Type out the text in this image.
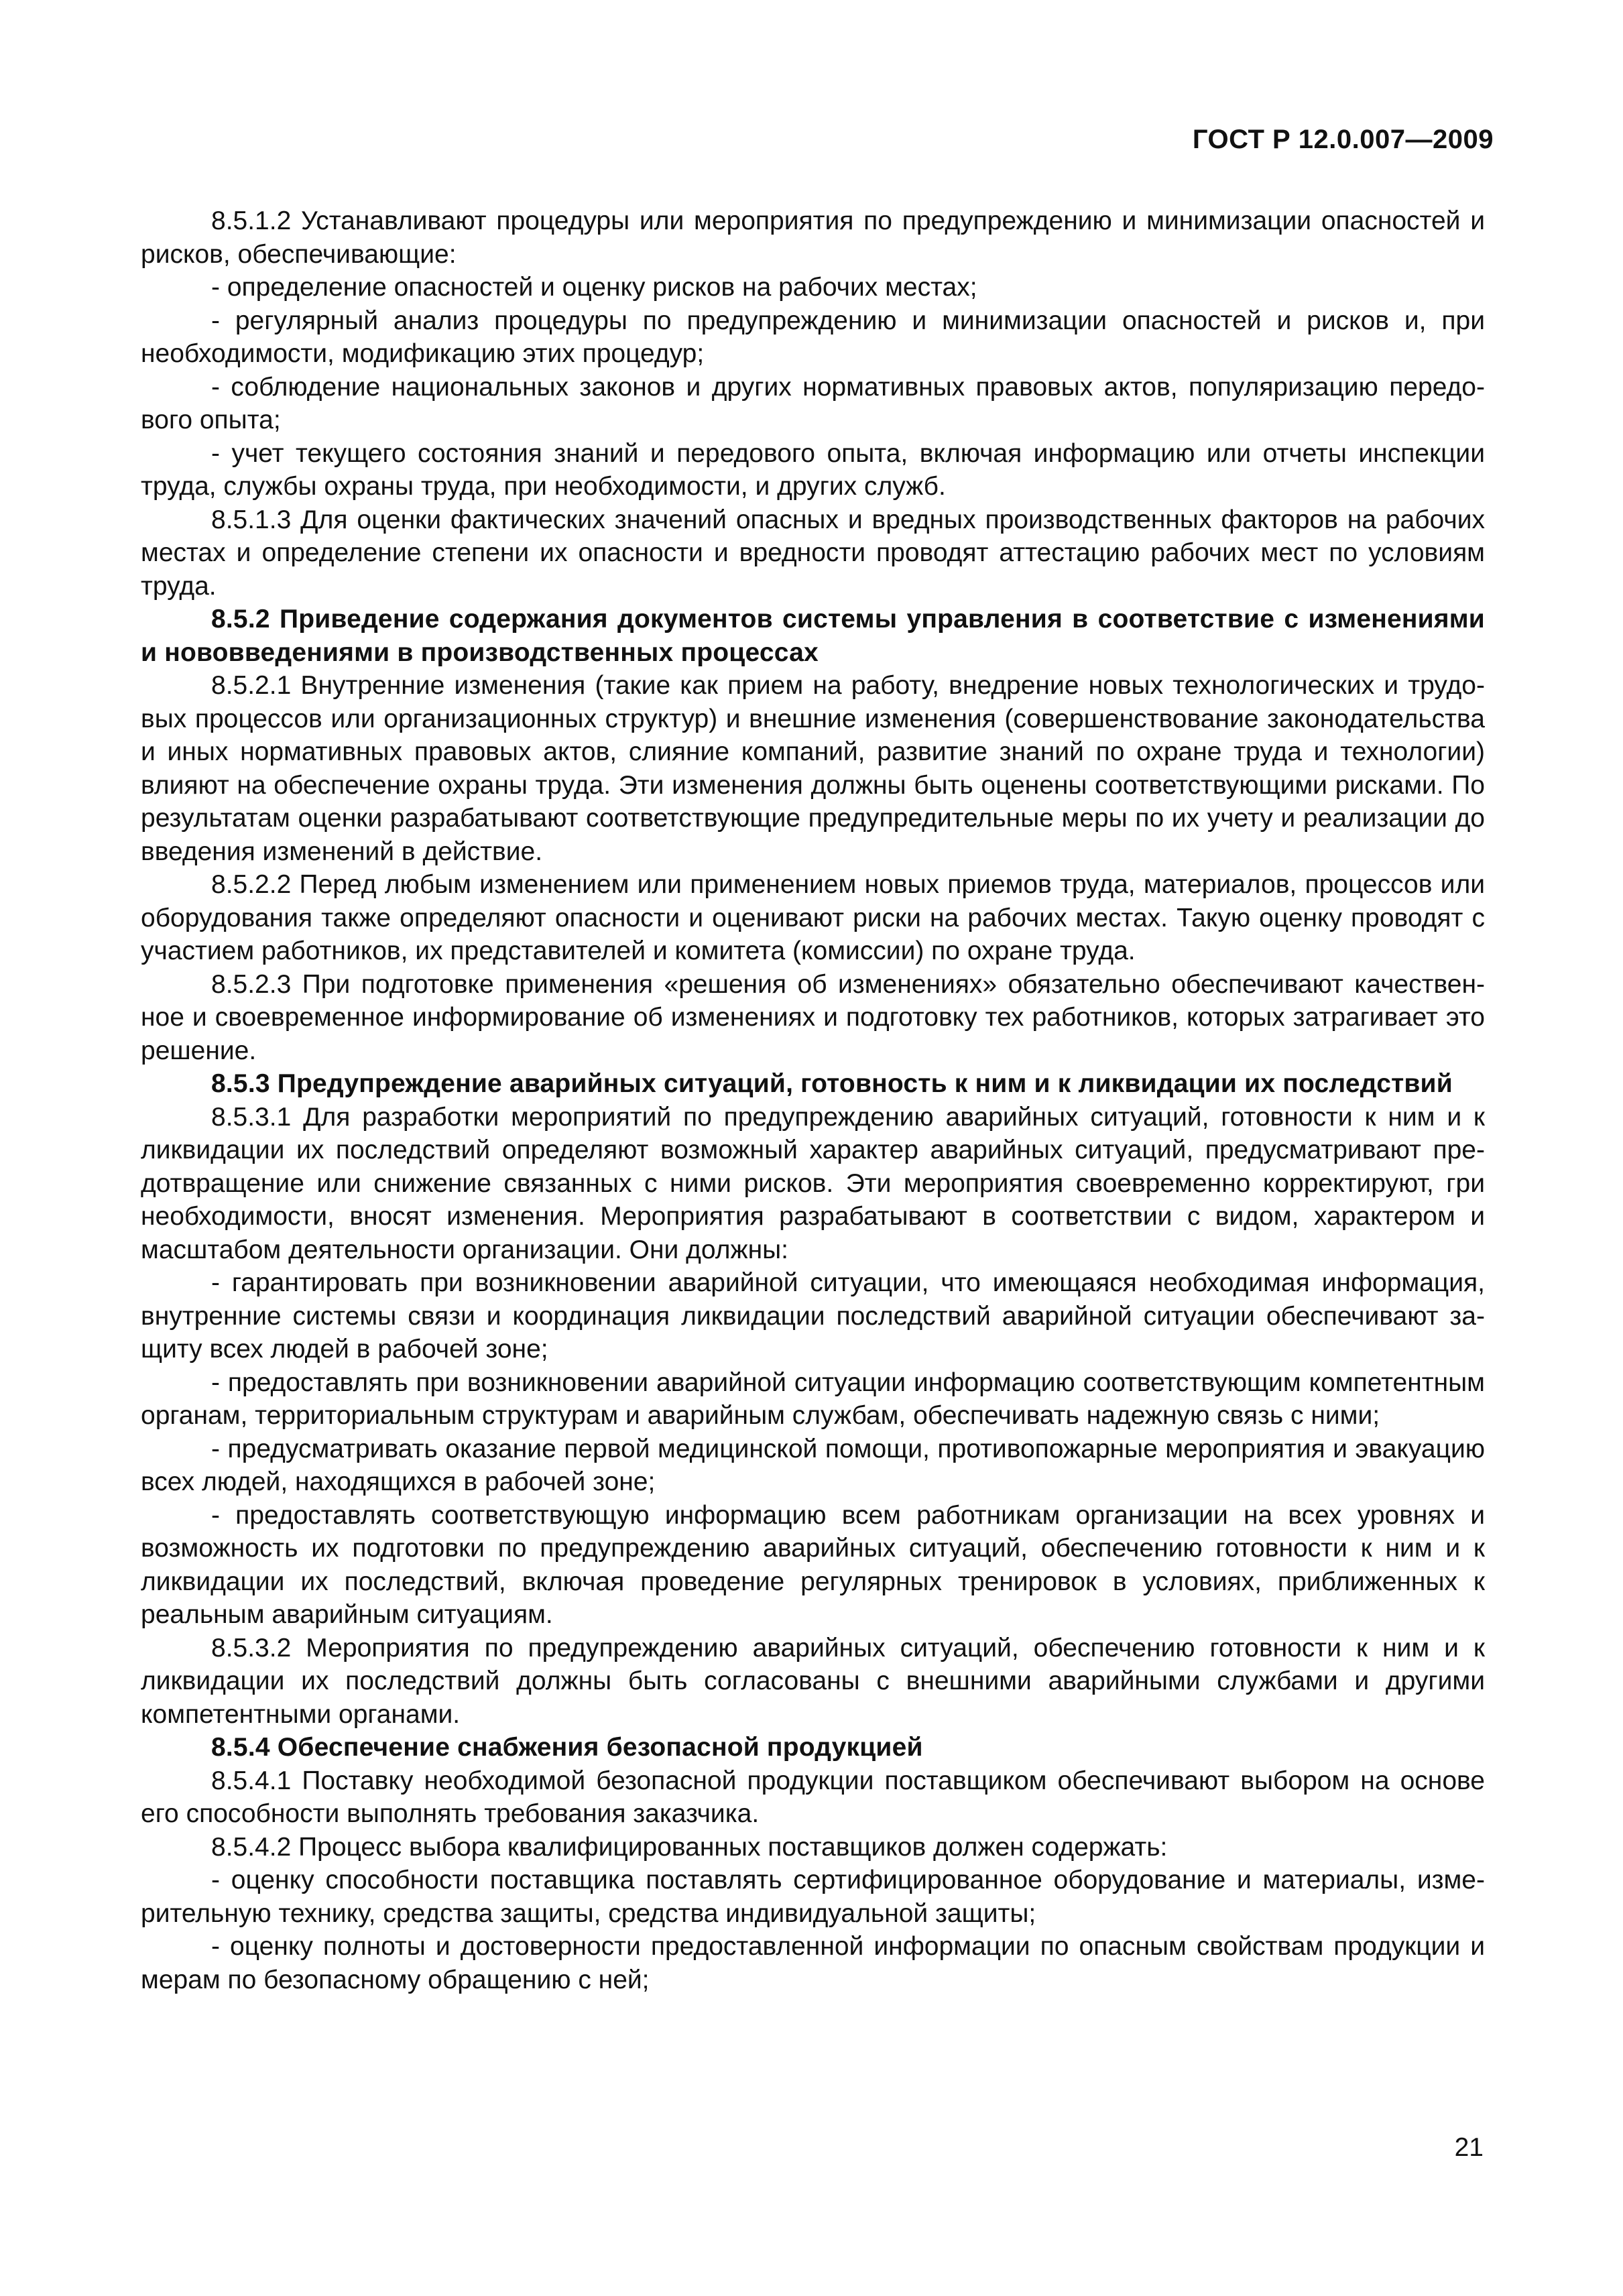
ГОСТ Р 12.0.007—2009

8.5.1.2 Устанавливают процедуры или мероприятия по предупреждению и минимизации опасностей и рисков, обеспечивающие:

- определение опасностей и оценку рисков на рабочих местах;

- регулярный анализ процедуры по предупреждению и минимизации опасностей и рисков и, при необходимости, модификацию этих процедур;

- соблюдение национальных законов и других нормативных правовых актов, популяризацию передового опыта;

- учет текущего состояния знаний и передового опыта, включая информацию или отчеты инспекции труда, службы охраны труда, при необходимости, и других служб.

8.5.1.3 Для оценки фактических значений опасных и вредных производственных факторов на рабочих местах и определение степени их опасности и вредности проводят аттестацию рабочих мест по условиям труда.

8.5.2 Приведение содержания документов системы управления в соответствие с изменениями и нововведениями в производственных процессах

8.5.2.1 Внутренние изменения (такие как прием на работу, внедрение новых технологических и трудовых процессов или организационных структур) и внешние изменения (совершенствование законодательства и иных нормативных правовых актов, слияние компаний, развитие знаний по охране труда и технологии) влияют на обеспечение охраны труда. Эти изменения должны быть оценены соответствующими рисками. По результатам оценки разрабатывают соответствующие предупредительные меры по их учету и реализации до введения изменений в действие.

8.5.2.2 Перед любым изменением или применением новых приемов труда, материалов, процессов или оборудования также определяют опасности и оценивают риски на рабочих местах. Такую оценку проводят с участием работников, их представителей и комитета (комиссии) по охране труда.

8.5.2.3 При подготовке применения «решения об изменениях» обязательно обеспечивают качественное и своевременное информирование об изменениях и подготовку тех работников, которых затрагивает это решение.

8.5.3 Предупреждение аварийных ситуаций, готовность к ним и к ликвидации их последствий

8.5.3.1 Для разработки мероприятий по предупреждению аварийных ситуаций, готовности к ним и к ликвидации их последствий определяют возможный характер аварийных ситуаций, предусматривают предотвращение или снижение связанных с ними рисков. Эти мероприятия своевременно корректируют, гри необходимости, вносят изменения. Мероприятия разрабатывают в соответствии с видом, характером и масштабом деятельности организации. Они должны:

- гарантировать при возникновении аварийной ситуации, что имеющаяся необходимая информация, внутренние системы связи и координация ликвидации последствий аварийной ситуации обеспечивают защиту всех людей в рабочей зоне;

- предоставлять при возникновении аварийной ситуации информацию соответствующим компетентным органам, территориальным структурам и аварийным службам, обеспечивать надежную связь с ними;

- предусматривать оказание первой медицинской помощи, противопожарные мероприятия и эвакуацию всех людей, находящихся в рабочей зоне;

- предоставлять соответствующую информацию всем работникам организации на всех уровнях и возможность их подготовки по предупреждению аварийных ситуаций, обеспечению готовности к ним и к ликвидации их последствий, включая проведение регулярных тренировок в условиях, приближенных к реальным аварийным ситуациям.

8.5.3.2 Мероприятия по предупреждению аварийных ситуаций, обеспечению готовности к ним и к ликвидации их последствий должны быть согласованы с внешними аварийными службами и другими компетентными органами.

8.5.4 Обеспечение снабжения безопасной продукцией

8.5.4.1 Поставку необходимой безопасной продукции поставщиком обеспечивают выбором на основе его способности выполнять требования заказчика.

8.5.4.2 Процесс выбора квалифицированных поставщиков должен содержать:

- оценку способности поставщика поставлять сертифицированное оборудование и материалы, измерительную технику, средства защиты, средства индивидуальной защиты;

- оценку полноты и достоверности предоставленной информации по опасным свойствам продукции и мерам по безопасному обращению с ней;

21
